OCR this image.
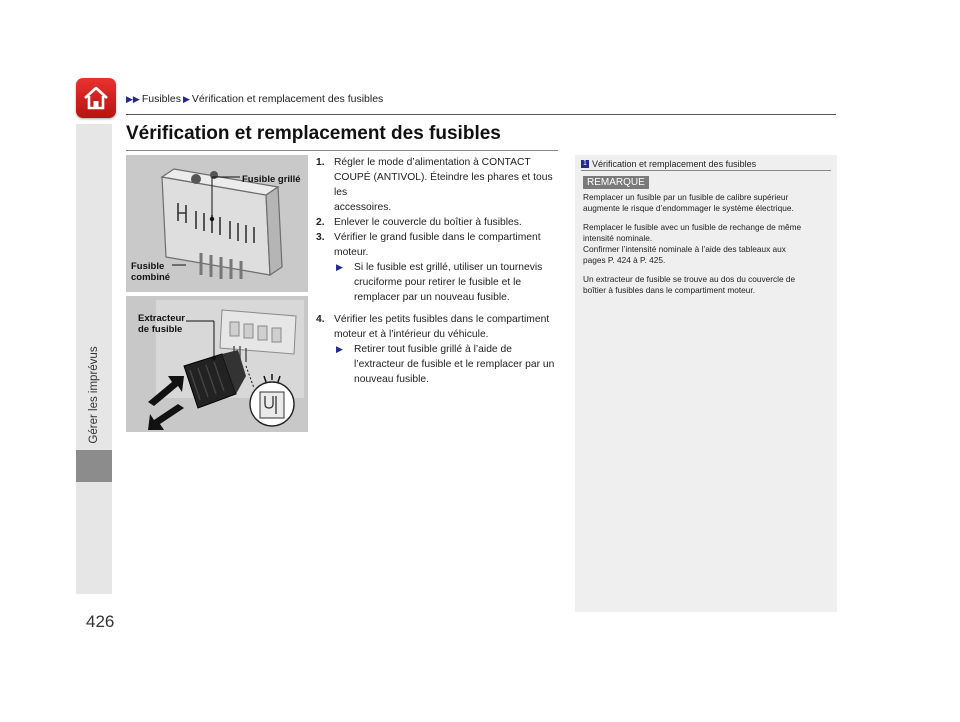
Gérer les imprévus
▶▶ Fusibles ▶ Vérification et remplacement des fusibles
Vérification et remplacement des fusibles
Fusible grillé
Fusible
combiné
Extracteur
de fusible
1. Régler le mode d’alimentation à CONTACT
COUPÉ (ANTIVOL). Éteindre les phares et tous les
accessoires.
2. Enlever le couvercle du boîtier à fusibles.
3. Vérifier le grand fusible dans le compartiment
moteur.
▶	Si le fusible est grillé, utiliser un tournevis
cruciforme pour retirer le fusible et le
remplacer par un nouveau fusible.
4. Vérifier les petits fusibles dans le compartiment
moteur et à l’intérieur du véhicule.
▶	Retirer tout fusible grillé à l’aide de
l’extracteur de fusible et le remplacer par un
nouveau fusible.
1 Vérification et remplacement des fusibles
REMARQUE

Remplacer un fusible par un fusible de calibre supérieur
augmente le risque d’endommager le système électrique.

Remplacer le fusible avec un fusible de rechange de même
intensité nominale.
Confirmer l’intensité nominale à l’aide des tableaux aux
pages P. 424 à P. 425.

Un extracteur de fusible se trouve au dos du couvercle de
boîtier à fusibles dans le compartiment moteur.

426
